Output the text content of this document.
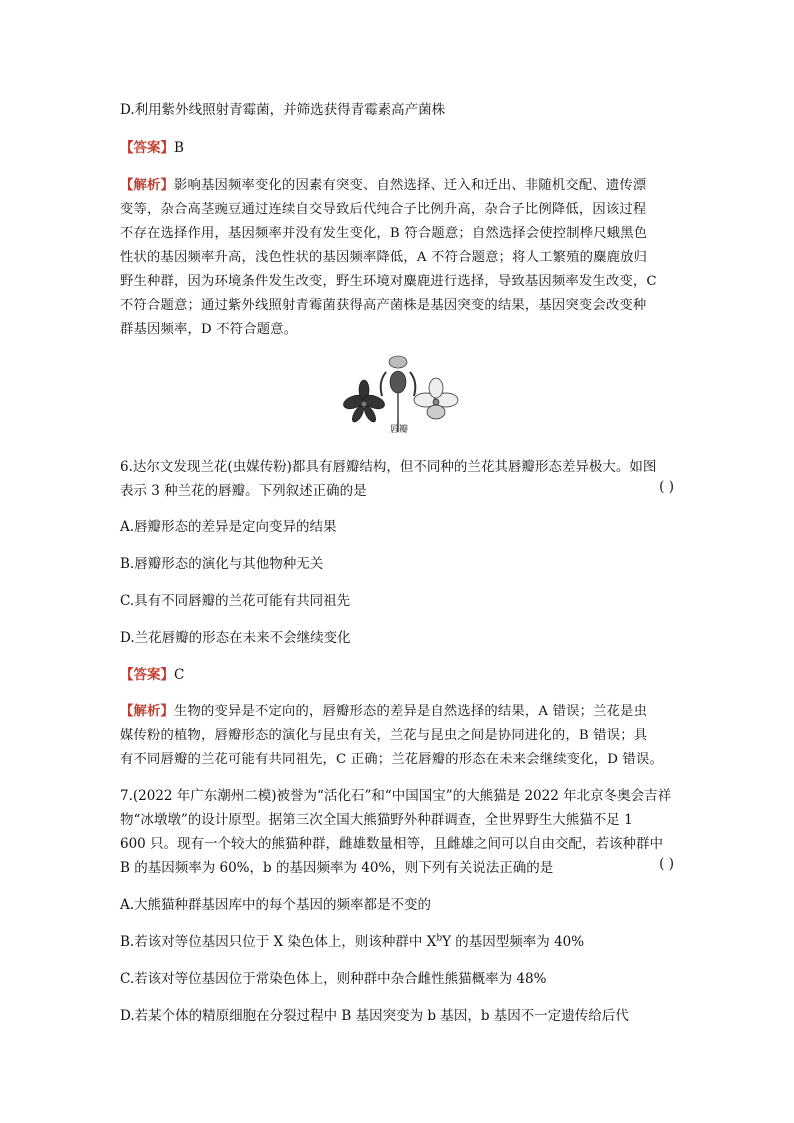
D.利用紫外线照射青霉菌，并筛选获得青霉素高产菌株
【答案】B
【解析】影响基因频率变化的因素有突变、自然选择、迁入和迁出、非随机交配、遗传漂
变等，杂合高茎豌豆通过连续自交导致后代纯合子比例升高，杂合子比例降低，因该过程
不存在选择作用，基因频率并没有发生变化，B 符合题意；自然选择会使控制桦尺蛾黑色
性状的基因频率升高，浅色性状的基因频率降低，A 不符合题意；将人工繁殖的麋鹿放归
野生种群，因为环境条件发生改变，野生环境对麋鹿进行选择，导致基因频率发生改变，C
不符合题意；通过紫外线照射青霉菌获得高产菌株是基因突变的结果，基因突变会改变种
群基因频率，D 不符合题意。
唇瓣
6.达尔文发现兰花(虫媒传粉)都具有唇瓣结构，但不同种的兰花其唇瓣形态差异极大。如图
表示 3 种兰花的唇瓣。下列叙述正确的是	( )
A.唇瓣形态的差异是定向变异的结果
B.唇瓣形态的演化与其他物种无关
C.具有不同唇瓣的兰花可能有共同祖先
D.兰花唇瓣的形态在未来不会继续变化
【答案】C
【解析】生物的变异是不定向的，唇瓣形态的差异是自然选择的结果，A 错误；兰花是虫
媒传粉的植物，唇瓣形态的演化与昆虫有关，兰花与昆虫之间是协同进化的，B 错误；具
有不同唇瓣的兰花可能有共同祖先，C 正确；兰花唇瓣的形态在未来会继续变化，D 错误。
7.(2022 年广东潮州二模)被誉为“活化石”和“中国国宝”的大熊猫是 2022 年北京冬奥会吉祥
物“冰墩墩”的设计原型。据第三次全国大熊猫野外种群调查，全世界野生大熊猫不足 1
600 只。现有一个较大的熊猫种群，雌雄数量相等，且雌雄之间可以自由交配，若该种群中
B 的基因频率为 60%，b 的基因频率为 40%，则下列有关说法正确的是	( )
A.大熊猫种群基因库中的每个基因的频率都是不变的
B.若该对等位基因只位于 X 染色体上，则该种群中 $X^bY$ 的基因型频率为 40%
C.若该对等位基因位于常染色体上，则种群中杂合雌性熊猫概率为 48%
D.若某个体的精原细胞在分裂过程中 B 基因突变为 b 基因，b 基因不一定遗传给后代
